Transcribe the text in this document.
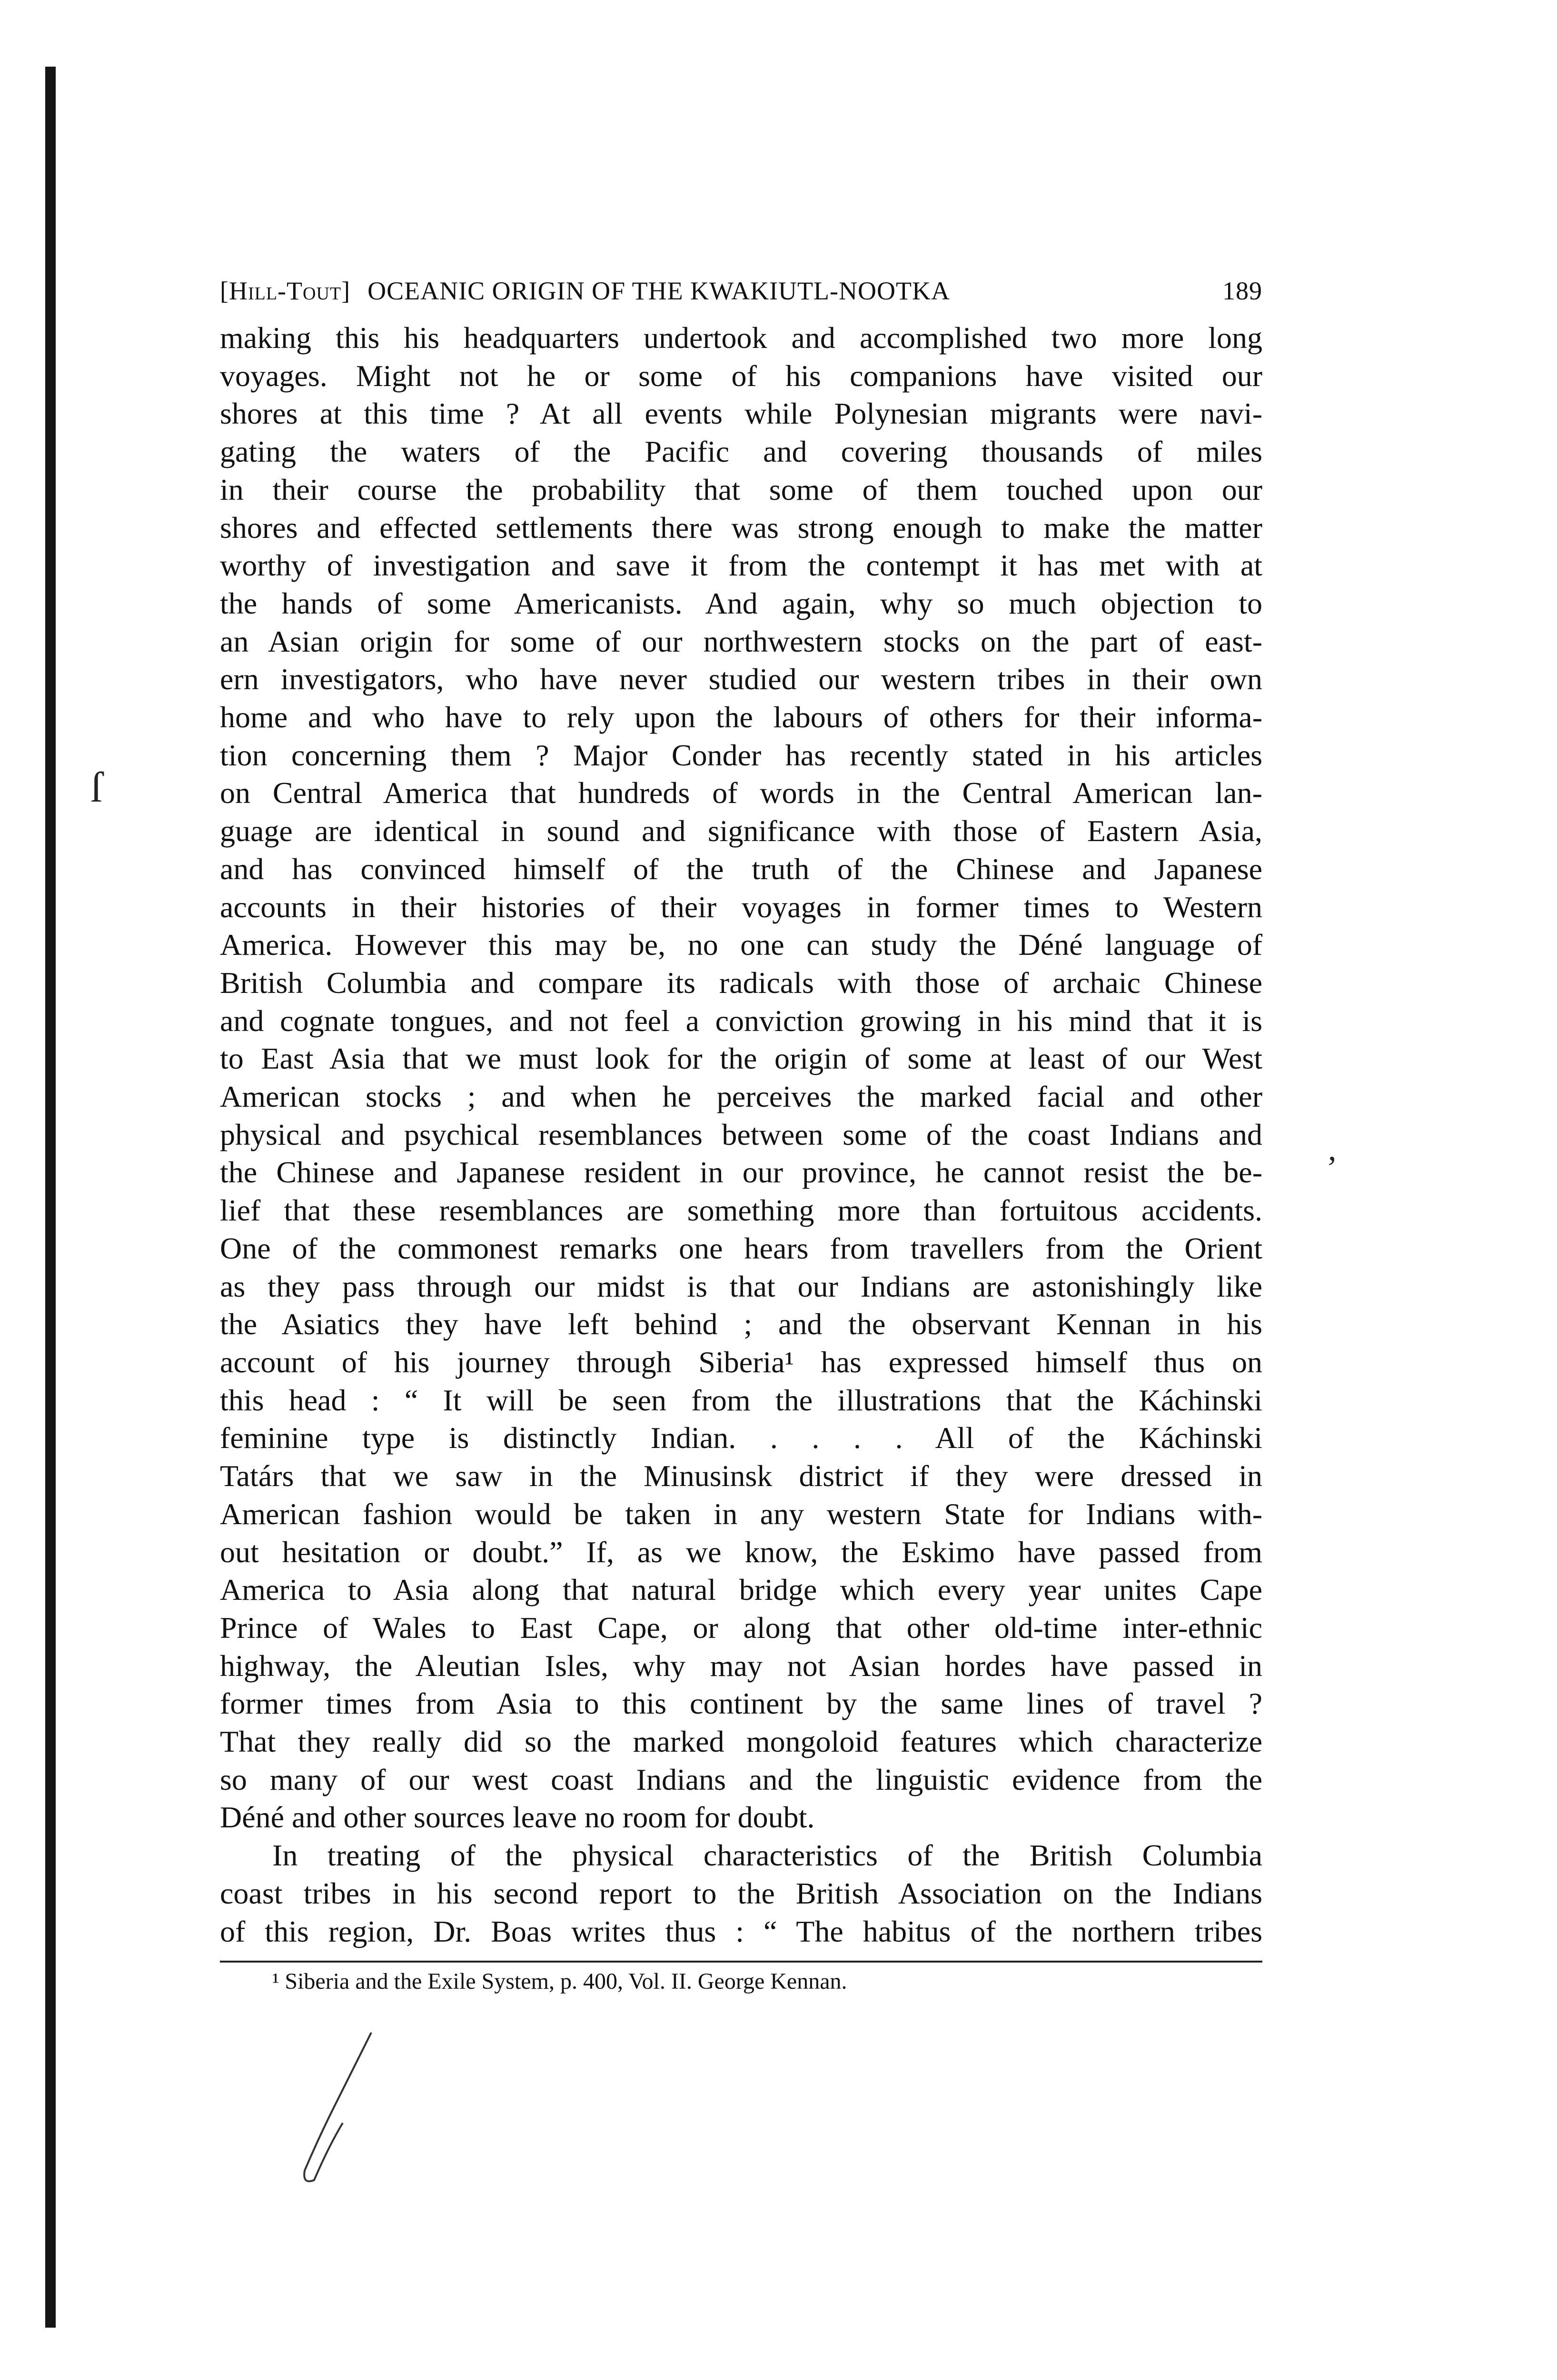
ſ
,
[Hill-Tout] OCEANIC ORIGIN OF THE KWAKIUTL-NOOTKA	189

making this his headquarters undertook and accomplished two more long

voyages. Might not he or some of his companions have visited our

shores at this time ? At all events while Polynesian migrants were navi-

gating the waters of the Pacific and covering thousands of miles

in their course the probability that some of them touched upon our

shores and effected settlements there was strong enough to make the matter

worthy of investigation and save it from the contempt it has met with at

the hands of some Americanists. And again, why so much objection to

an Asian origin for some of our northwestern stocks on the part of east-

ern investigators, who have never studied our western tribes in their own

home and who have to rely upon the labours of others for their informa-

tion concerning them ? Major Conder has recently stated in his articles

on Central America that hundreds of words in the Central American lan-

guage are identical in sound and significance with those of Eastern Asia,

and has convinced himself of the truth of the Chinese and Japanese

accounts in their histories of their voyages in former times to Western

America. However this may be, no one can study the Déné language of

British Columbia and compare its radicals with those of archaic Chinese

and cognate tongues, and not feel a conviction growing in his mind that it is

to East Asia that we must look for the origin of some at least of our West

American stocks ; and when he perceives the marked facial and other

physical and psychical resemblances between some of the coast Indians and

the Chinese and Japanese resident in our province, he cannot resist the be-

lief that these resemblances are something more than fortuitous accidents.

One of the commonest remarks one hears from travellers from the Orient

as they pass through our midst is that our Indians are astonishingly like

the Asiatics they have left behind ; and the observant Kennan in his

account of his journey through Siberia¹ has expressed himself thus on

this head : “ It will be seen from the illustrations that the Káchinski

feminine type is distinctly Indian. . . . . All of the Káchinski

Tatárs that we saw in the Minusinsk district if they were dressed in

American fashion would be taken in any western State for Indians with-

out hesitation or doubt.” If, as we know, the Eskimo have passed from

America to Asia along that natural bridge which every year unites Cape

Prince of Wales to East Cape, or along that other old-time inter-ethnic

highway, the Aleutian Isles, why may not Asian hordes have passed in

former times from Asia to this continent by the same lines of travel ?

That they really did so the marked mongoloid features which characterize

so many of our west coast Indians and the linguistic evidence from the

Déné and other sources leave no room for doubt.

In treating of the physical characteristics of the British Columbia

coast tribes in his second report to the British Association on the Indians

of this region, Dr. Boas writes thus : “ The habitus of the northern tribes

¹ Siberia and the Exile System, p. 400, Vol. II. George Kennan.
